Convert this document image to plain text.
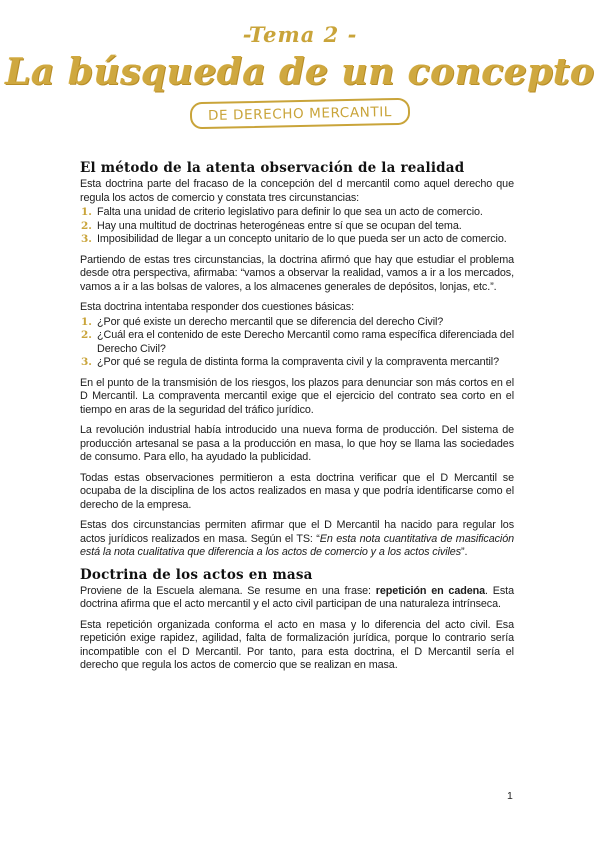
-Tema 2 -
La búsqueda de un concepto
DE DERECHO MERCANTIL
El método de la atenta observación de la realidad

Esta doctrina parte del fracaso de la concepción del d mercantil como aquel derecho que regula los actos de comercio y constata tres circunstancias:

1. Falta una unidad de criterio legislativo para definir lo que sea un acto de comercio.
2. Hay una multitud de doctrinas heterogéneas entre sí que se ocupan del tema.
3. Imposibilidad de llegar a un concepto unitario de lo que pueda ser un acto de comercio.

Partiendo de estas tres circunstancias, la doctrina afirmó que hay que estudiar el problema desde otra perspectiva, afirmaba: “vamos a observar la realidad, vamos a ir a los mercados, vamos a ir a las bolsas de valores, a los almacenes generales de depósitos, lonjas, etc.”.

Esta doctrina intentaba responder dos cuestiones básicas:

1. ¿Por qué existe un derecho mercantil que se diferencia del derecho Civil?
2. ¿Cuál era el contenido de este Derecho Mercantil como rama específica diferenciada del Derecho Civil?
3. ¿Por qué se regula de distinta forma la compraventa civil y la compraventa mercantil?

En el punto de la transmisión de los riesgos, los plazos para denunciar son más cortos en el D Mercantil. La compraventa mercantil exige que el ejercicio del contrato sea corto en el tiempo en aras de la seguridad del tráfico jurídico.

La revolución industrial había introducido una nueva forma de producción. Del sistema de producción artesanal se pasa a la producción en masa, lo que hoy se llama las sociedades de consumo. Para ello, ha ayudado la publicidad.

Todas estas observaciones permitieron a esta doctrina verificar que el D Mercantil se ocupaba de la disciplina de los actos realizados en masa y que podría identificarse como el derecho de la empresa.

Estas dos circunstancias permiten afirmar que el D Mercantil ha nacido para regular los actos jurídicos realizados en masa. Según el TS: “En esta nota cuantitativa de masificación está la nota cualitativa que diferencia a los actos de comercio y a los actos civiles”.

Doctrina de los actos en masa

Proviene de la Escuela alemana. Se resume en una frase: repetición en cadena. Esta doctrina afirma que el acto mercantil y el acto civil participan de una naturaleza intrínseca.

Esta repetición organizada conforma el acto en masa y lo diferencia del acto civil. Esa repetición exige rapidez, agilidad, falta de formalización jurídica, porque lo contrario sería incompatible con el D Mercantil. Por tanto, para esta doctrina, el D Mercantil sería el derecho que regula los actos de comercio que se realizan en masa.

1
